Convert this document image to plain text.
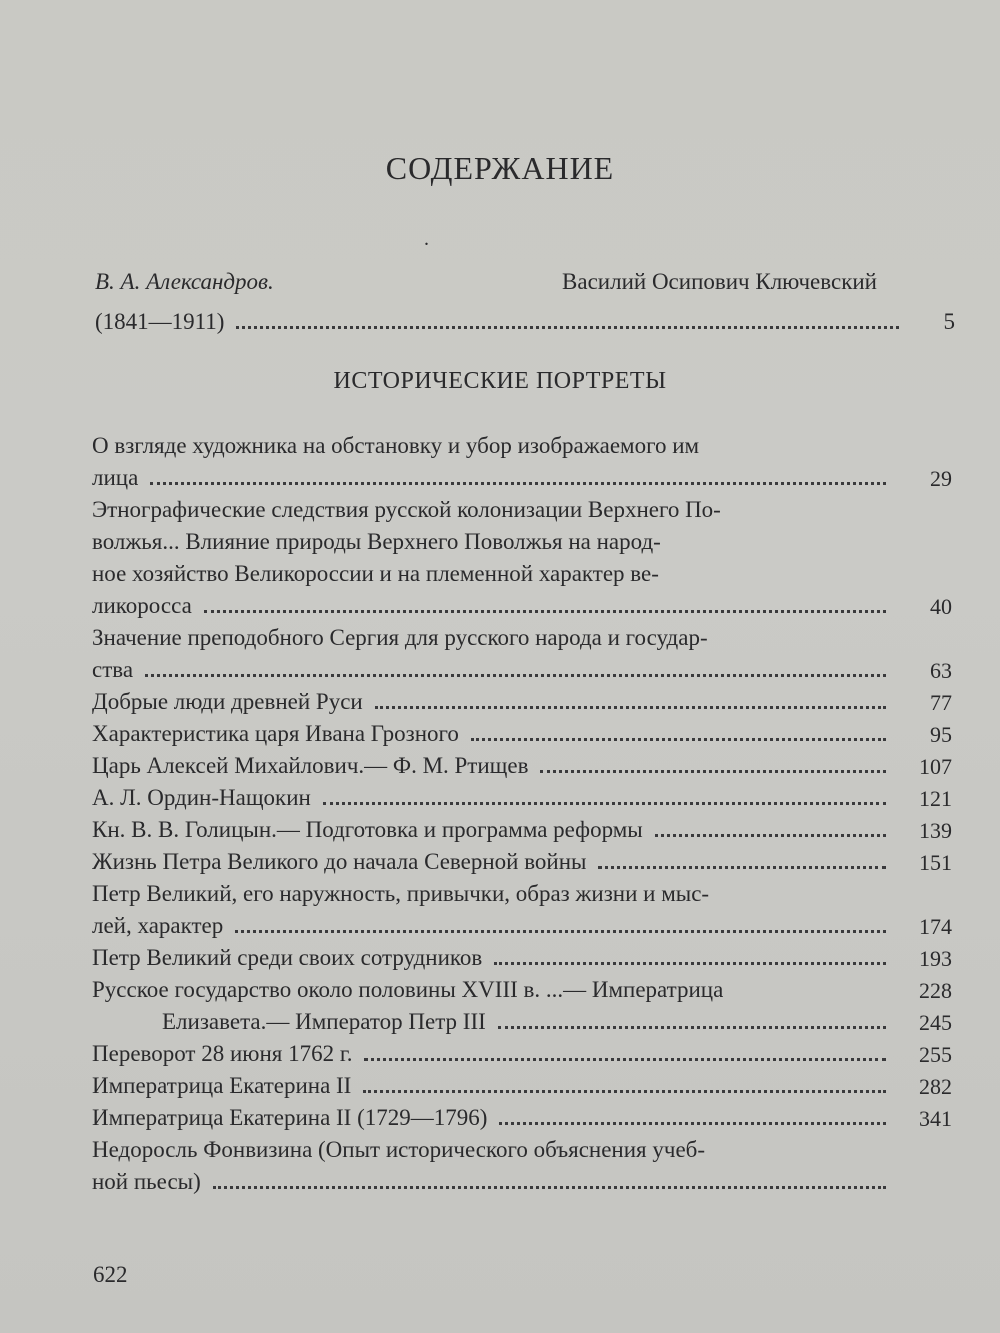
СОДЕРЖАНИЕ
.
В. А. Александров.	Василий Осипович Ключевский
(1841—1911)	5
ИСТОРИЧЕСКИЕ ПОРТРЕТЫ
О взгляде художника на обстановку и убор изображаемого им
лица	29
Этнографические следствия русской колонизации Верхнего По-
волжья... Влияние природы Верхнего Поволжья на народ-
ное хозяйство Великороссии и на племенной характер ве-
ликоросса	40
Значение преподобного Сергия для русского народа и государ-
ства	63
Добрые люди древней Руси	77
Характеристика царя Ивана Грозного	95
Царь Алексей Михайлович.— Ф. М. Ртищев	107
А. Л. Ордин-Нащокин	121
Кн. В. В. Голицын.— Подготовка и программа реформы	139
Жизнь Петра Великого до начала Северной войны	151
Петр Великий, его наружность, привычки, образ жизни и мыс-
лей, характер	174
Петр Великий среди своих сотрудников	193
Русское государство около половины XVIII в. ...— Императрица	228
Елизавета.— Император Петр III	245
Переворот 28 июня 1762 г.	255
Императрица Екатерина II	282
Императрица Екатерина II (1729—1796)	341
Недоросль Фонвизина (Опыт исторического объяснения учеб-
ной пьесы)
622
